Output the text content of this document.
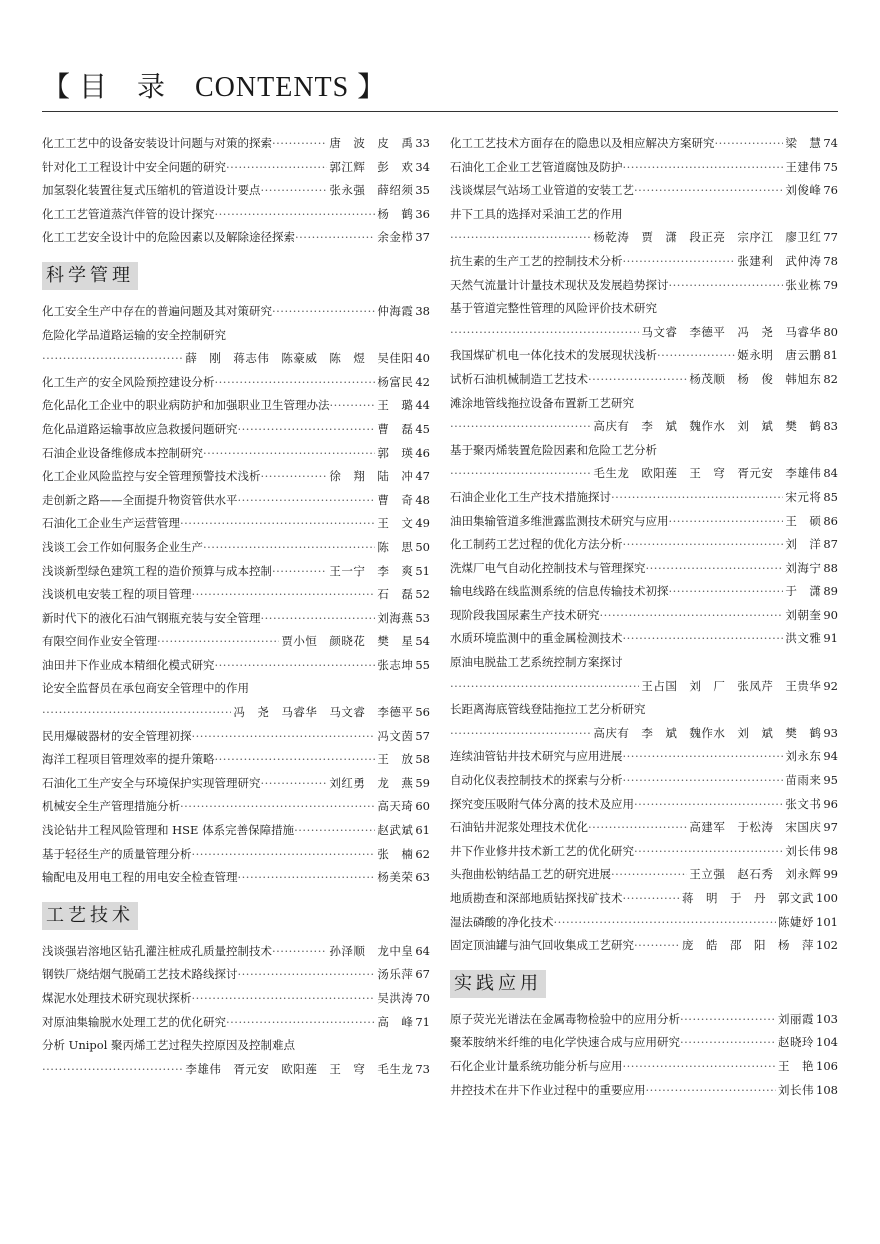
【 目　录　CONTENTS 】
化工工艺中的设备安装设计问题与对策的探索 ·····	唐　波　皮　禹 33
针对化工工程设计中安全问题的研究 ·····	郭江辉　彭　欢 34
加氢裂化装置往复式压缩机的管道设计要点 ·····	张永强　薛绍须 35
化工工艺管道蒸汽伴管的设计探究 ·····	杨　鹤 36
化工工艺安全设计中的危险因素以及解除途径探索 ·····	余金栉 37
科学管理
化工安全生产中存在的普遍问题及其对策研究 ·····	仲海霞 38
危险化学品道路运输的安全控制研究
·····
薛　刚　蒋志伟　陈豪威　陈　煜　吴佳阳 40
化工生产的安全风险预控建设分析 ·····	杨富民 42
危化品化工企业中的职业病防护和加强职业卫生管理办法 ·····	王　璐 44
危化品道路运输事故应急救援问题研究 ·····	曹　磊 45
石油企业设备维修成本控制研究 ·····	郭　瑛 46
化工企业风险监控与安全管理预警技术浅析 ·····	徐　翔　陆　冲 47
走创新之路——全面提升物资管供水平 ·····	曹　奇 48
石油化工企业生产运营管理 ·····	王　文 49
浅谈工会工作如何服务企业生产 ·····	陈　思 50
浅谈新型绿色建筑工程的造价预算与成本控制 ·····	王一宁　李　爽 51
浅谈机电安装工程的项目管理 ·····	石　磊 52
新时代下的液化石油气钢瓶充装与安全管理 ·····	刘海燕 53
有限空间作业安全管理 ·····	贾小恒　颜晓花　樊　星 54
油田井下作业成本精细化模式研究 ·····	张志坤 55
论安全监督员在承包商安全管理中的作用
·····
冯　尧　马睿华　马文睿　李德平 56
民用爆破器材的安全管理初探 ·····	冯文茵 57
海洋工程项目管理效率的提升策略 ·····	王　放 58
石油化工生产安全与环境保护实现管理研究 ·····	刘红勇　龙　燕 59
机械安全生产管理措施分析 ·····	高天琦 60
浅论钻井工程风险管理和 HSE 体系完善保障措施 ·····	赵武斌 61
基于轻径生产的质量管理分析 ·····	张　楠 62
输配电及用电工程的用电安全检查管理 ·····	杨美荣 63
工艺技术
浅谈强岩溶地区钻孔灌注桩成孔质量控制技术 ·····	孙泽顺　龙中皇 64
钢铁厂烧结烟气脱硝工艺技术路线探讨 ·····	汤乐萍 67
煤泥水处理技术研究现状探析 ·····	吴洪涛 70
对原油集输脱水处理工艺的优化研究 ·····	高　峰 71
分析 Unipol 聚丙烯工艺过程失控原因及控制难点
·····
李雄伟　胥元安　欧阳莲　王　穹　毛生龙 73
化工工艺技术方面存在的隐患以及相应解决方案研究 ·····	梁　慧 74
石油化工企业工艺管道腐蚀及防护 ·····	王建伟 75
浅谈煤层气站场工业管道的安装工艺 ·····	刘俊峰 76
井下工具的选择对采油工艺的作用
·····
杨乾涛　贾　潇　段正亮　宗序江　廖卫红 77
抗生素的生产工艺的控制技术分析 ·····	张建利　武仲涛 78
天然气流量计计量技术现状及发展趋势探讨 ·····	张业栋 79
基于管道完整性管理的风险评价技术研究
·····
马文睿　李德平　冯　尧　马睿华 80
我国煤矿机电一体化技术的发展现状浅析 ·····	姬永明　唐云鹏 81
试析石油机械制造工艺技术 ·····	杨茂顺　杨　俊　韩旭东 82
滩涂地管线拖拉设备布置新工艺研究
·····
高庆有　李　斌　魏作水　刘　斌　樊　鹤 83
基于聚丙烯装置危险因素和危险工艺分析
·····
毛生龙　欧阳莲　王　穹　胥元安　李雄伟 84
石油企业化工生产技术措施探讨 ·····	宋元将 85
油田集输管道多维泄露监测技术研究与应用 ·····	王　硕 86
化工制药工艺过程的优化方法分析 ·····	刘　洋 87
洗煤厂电气自动化控制技术与管理探究 ·····	刘海宁 88
输电线路在线监测系统的信息传输技术初探 ·····	于　潇 89
现阶段我国尿素生产技术研究 ·····	刘朝奎 90
水质环境监测中的重金属检测技术 ·····	洪文雅 91
原油电脱盐工艺系统控制方案探讨
·····
王占国　刘　厂　张凤芹　王贵华 92
长距离海底管线登陆拖拉工艺分析研究
·····
高庆有　李　斌　魏作水　刘　斌　樊　鹤 93
连续油管钻井技术研究与应用进展 ·····	刘永东 94
自动化仪表控制技术的探索与分析 ·····	苗雨来 95
探究变压吸附气体分离的技术及应用 ·····	张文书 96
石油钻井泥浆处理技术优化 ·····	高建军　于松涛　宋国庆 97
井下作业修井技术新工艺的优化研究 ·····	刘长伟 98
头孢曲松钠结晶工艺的研究进展 ·····	王立强　赵石秀　刘永辉 99
地质勘查和深部地质钻探找矿技术 ·····	蒋　明　于　丹　郭文武 100
湿法磷酸的净化技术 ·····	陈婕妤 101
固定顶油罐与油气回收集成工艺研究 ·····	庞　皓　邵　阳　杨　萍 102
实践应用
原子荧光光谱法在金属毒物检验中的应用分析 ·····	刘丽霞 103
聚苯胺纳米纤维的电化学快速合成与应用研究 ·····	赵晓玲 104
石化企业计量系统功能分析与应用 ·····	王　艳 106
井控技术在井下作业过程中的重要应用 ·····	刘长伟 108
